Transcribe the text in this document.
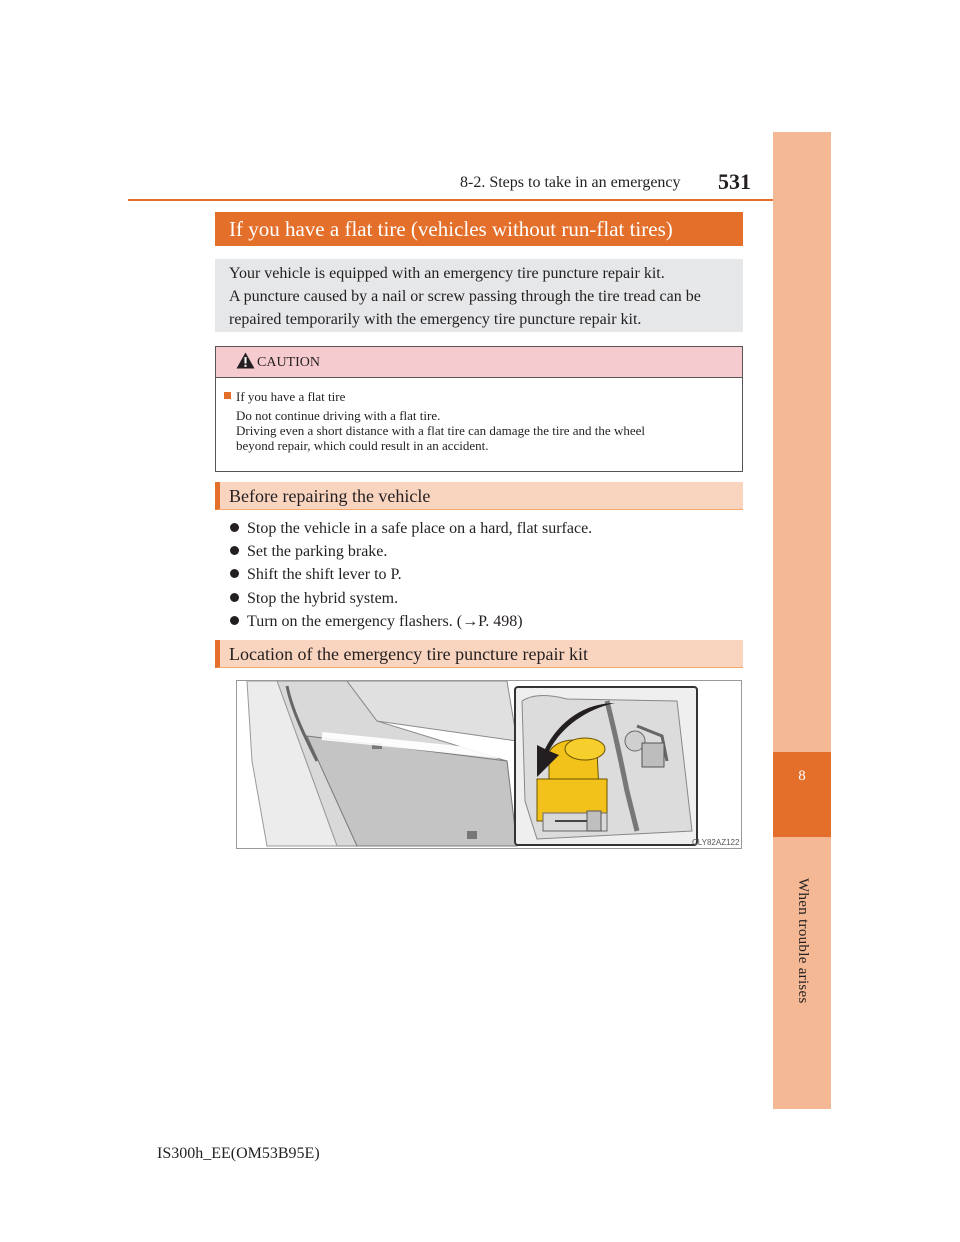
8
When trouble arises
8-2. Steps to take in an emergency 531
If you have a flat tire (vehicles without run-flat tires)
Your vehicle is equipped with an emergency tire puncture repair kit.
A puncture caused by a nail or screw passing through the tire tread can be
repaired temporarily with the emergency tire puncture repair kit.
CAUTION
If you have a flat tire
Do not continue driving with a flat tire.
Driving even a short distance with a flat tire can damage the tire and the wheel
beyond repair, which could result in an accident.
Before repairing the vehicle
Stop the vehicle in a safe place on a hard, flat surface.
Set the parking brake.
Shift the shift lever to P.
Stop the hybrid system.
Turn on the emergency flashers. (→P. 498)
Location of the emergency tire puncture repair kit
CLY82AZ122
IS300h_EE(OM53B95E)
